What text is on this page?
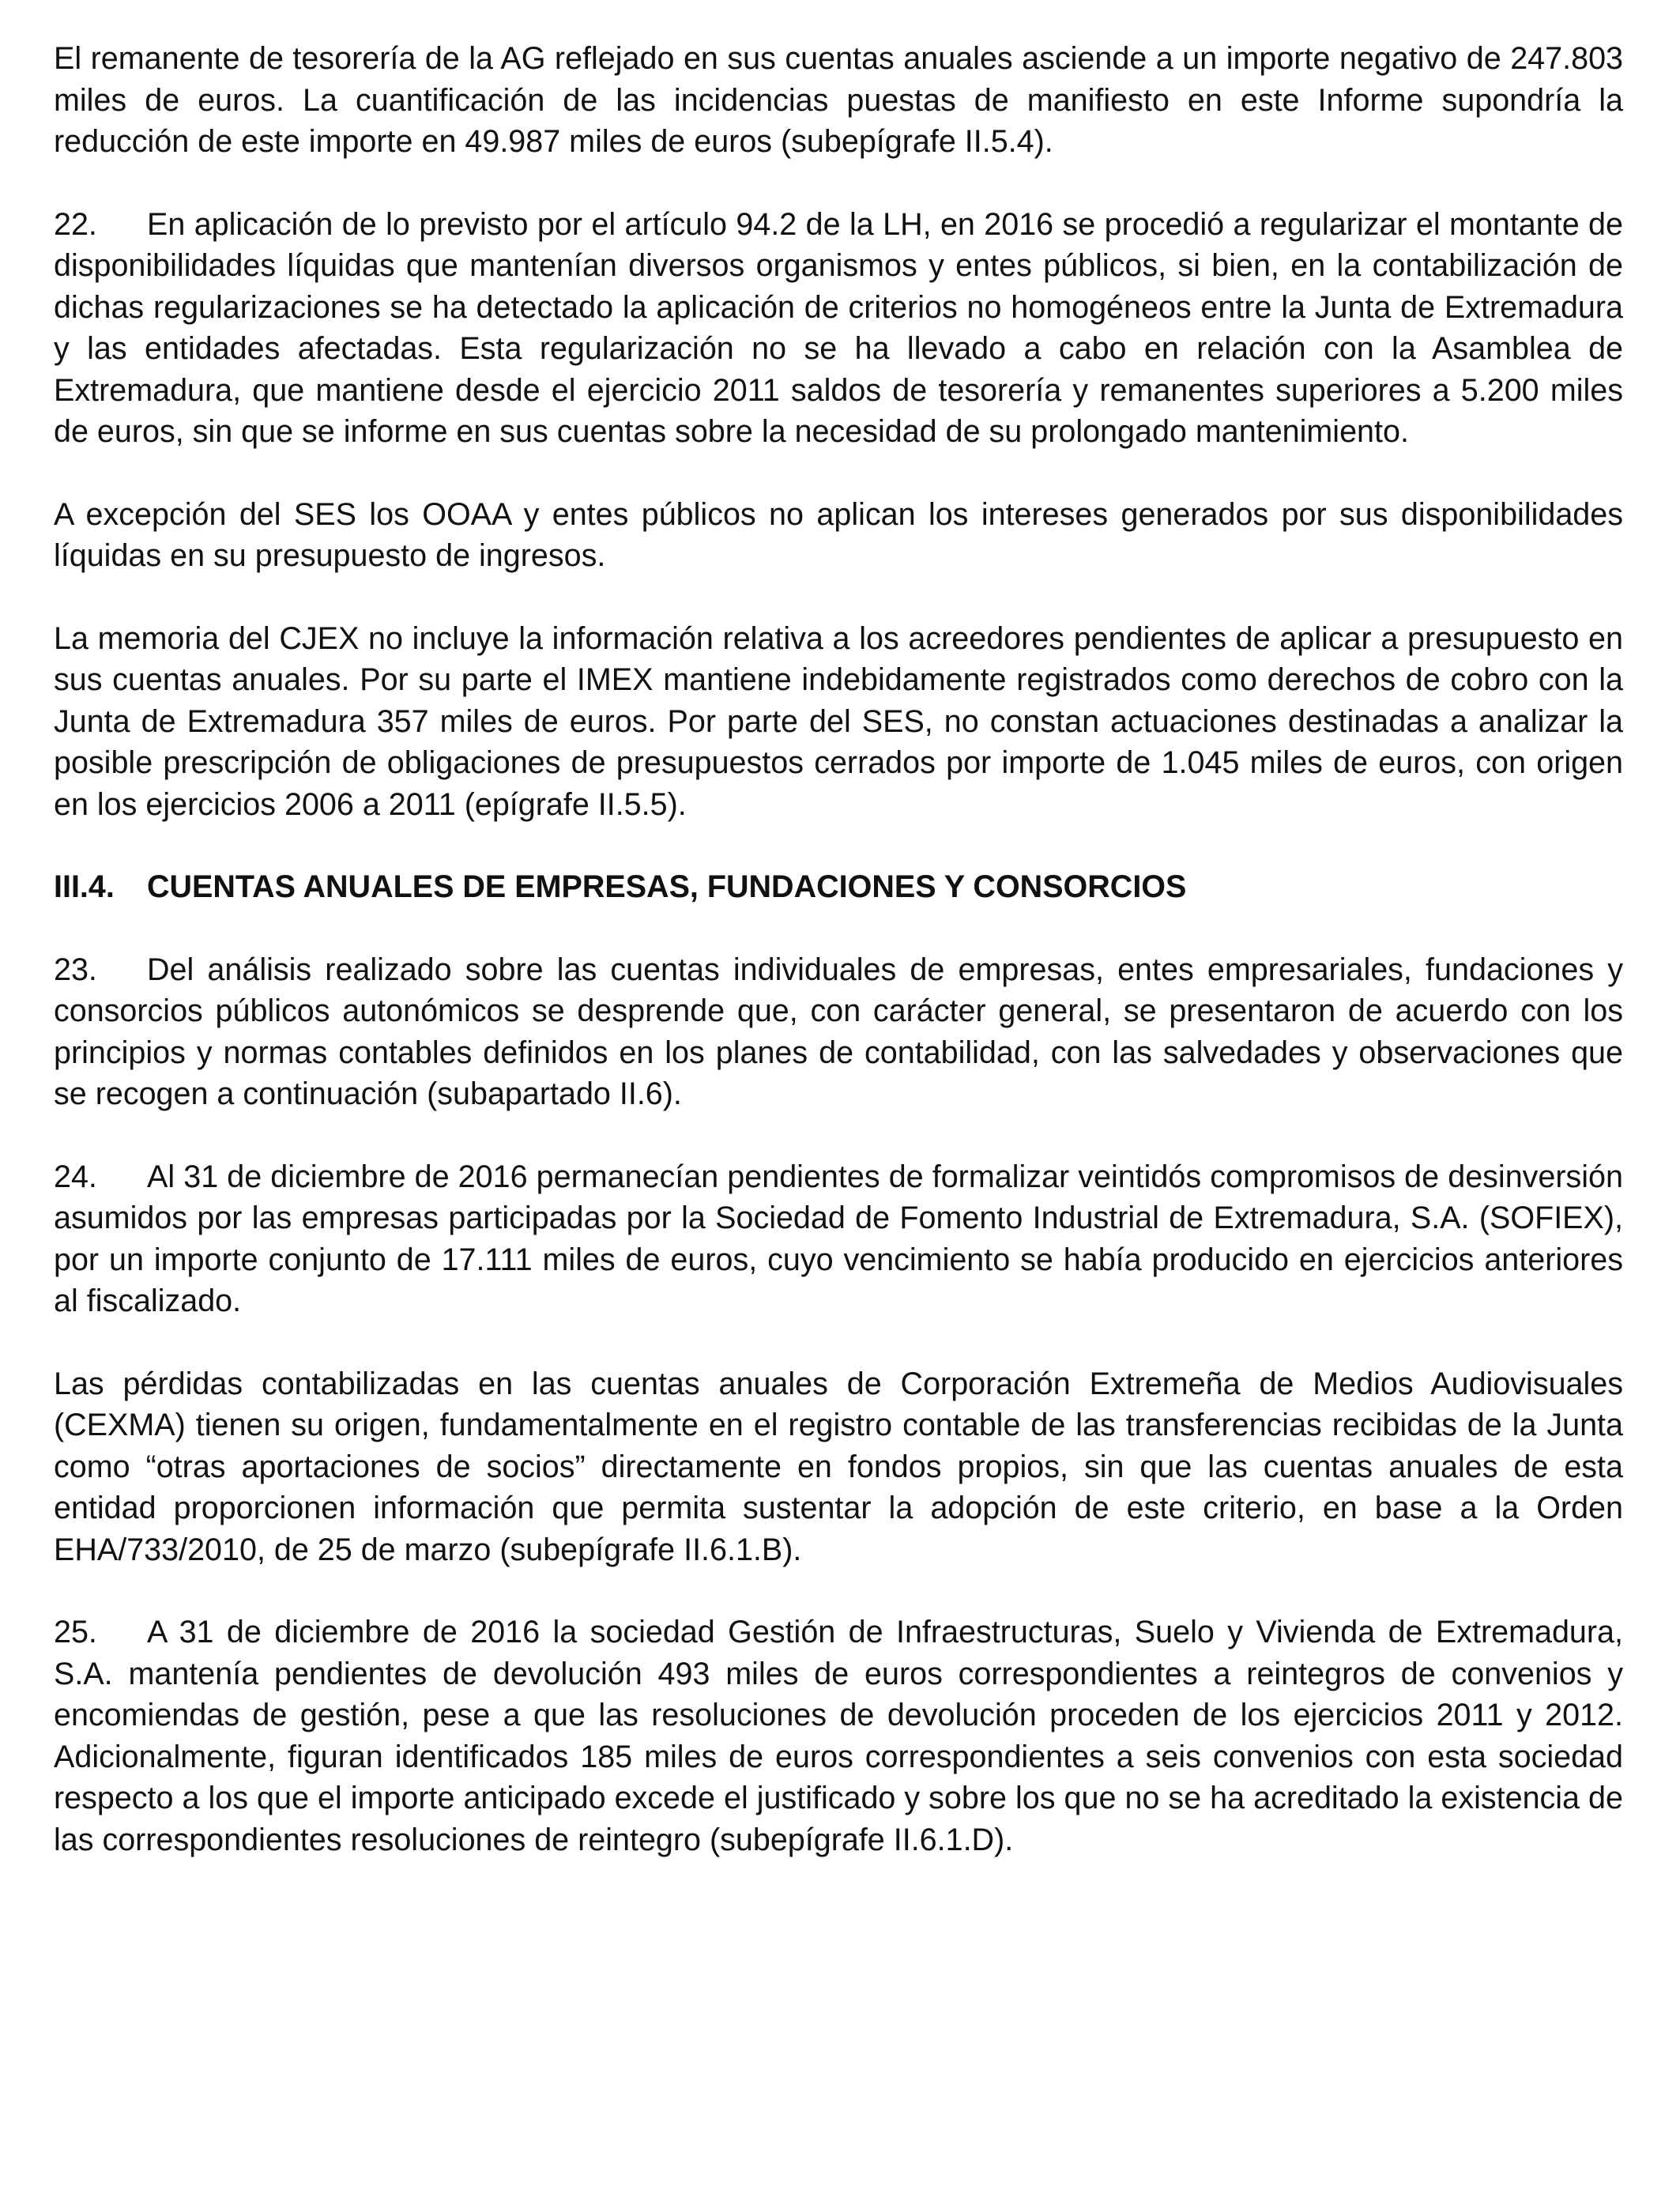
El remanente de tesorería de la AG reflejado en sus cuentas anuales asciende a un importe negativo de 247.803 miles de euros. La cuantificación de las incidencias puestas de manifiesto en este Informe supondría la reducción de este importe en 49.987 miles de euros (subepígrafe II.5.4).

22. En aplicación de lo previsto por el artículo 94.2 de la LH, en 2016 se procedió a regularizar el montante de disponibilidades líquidas que mantenían diversos organismos y entes públicos, si bien, en la contabilización de dichas regularizaciones se ha detectado la aplicación de criterios no homogéneos entre la Junta de Extremadura y las entidades afectadas. Esta regularización no se ha llevado a cabo en relación con la Asamblea de Extremadura, que mantiene desde el ejercicio 2011 saldos de tesorería y remanentes superiores a 5.200 miles de euros, sin que se informe en sus cuentas sobre la necesidad de su prolongado mantenimiento.

A excepción del SES los OOAA y entes públicos no aplican los intereses generados por sus disponibilidades líquidas en su presupuesto de ingresos.

La memoria del CJEX no incluye la información relativa a los acreedores pendientes de aplicar a presupuesto en sus cuentas anuales. Por su parte el IMEX mantiene indebidamente registrados como derechos de cobro con la Junta de Extremadura 357 miles de euros. Por parte del SES, no constan actuaciones destinadas a analizar la posible prescripción de obligaciones de presupuestos cerrados por importe de 1.045 miles de euros, con origen en los ejercicios 2006 a 2011 (epígrafe II.5.5).

III.4. CUENTAS ANUALES DE EMPRESAS, FUNDACIONES Y CONSORCIOS

23. Del análisis realizado sobre las cuentas individuales de empresas, entes empresariales, fundaciones y consorcios públicos autonómicos se desprende que, con carácter general, se presentaron de acuerdo con los principios y normas contables definidos en los planes de contabilidad, con las salvedades y observaciones que se recogen a continuación (subapartado II.6).

24. Al 31 de diciembre de 2016 permanecían pendientes de formalizar veintidós compromisos de desinversión asumidos por las empresas participadas por la Sociedad de Fomento Industrial de Extremadura, S.A. (SOFIEX), por un importe conjunto de 17.111 miles de euros, cuyo vencimiento se había producido en ejercicios anteriores al fiscalizado.

Las pérdidas contabilizadas en las cuentas anuales de Corporación Extremeña de Medios Audiovisuales (CEXMA) tienen su origen, fundamentalmente en el registro contable de las transferencias recibidas de la Junta como “otras aportaciones de socios” directamente en fondos propios, sin que las cuentas anuales de esta entidad proporcionen información que permita sustentar la adopción de este criterio, en base a la Orden EHA/733/2010, de 25 de marzo (subepígrafe II.6.1.B).

25. A 31 de diciembre de 2016 la sociedad Gestión de Infraestructuras, Suelo y Vivienda de Extremadura, S.A. mantenía pendientes de devolución 493 miles de euros correspondientes a reintegros de convenios y encomiendas de gestión, pese a que las resoluciones de devolución proceden de los ejercicios 2011 y 2012. Adicionalmente, figuran identificados 185 miles de euros correspondientes a seis convenios con esta sociedad respecto a los que el importe anticipado excede el justificado y sobre los que no se ha acreditado la existencia de las correspondientes resoluciones de reintegro (subepígrafe II.6.1.D).
